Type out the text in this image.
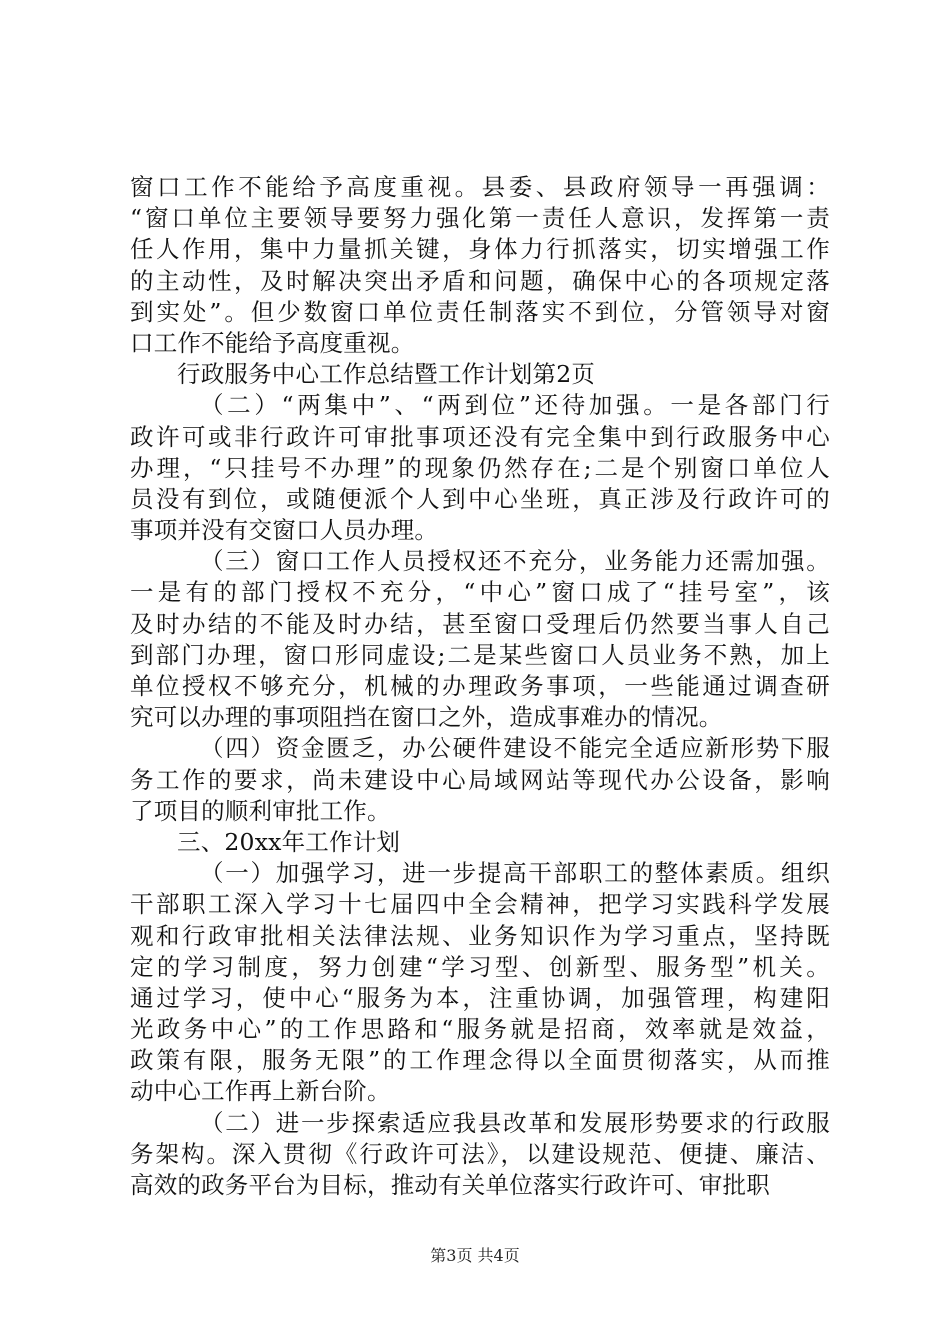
窗口工作不能给予高度重视。县委、县政府领导一再强调：
“窗口单位主要领导要努力强化第一责任人意识，发挥第一责
任人作用，集中力量抓关键，身体力行抓落实，切实增强工作
的主动性，及时解决突出矛盾和问题，确保中心的各项规定落
到实处”。但少数窗口单位责任制落实不到位，分管领导对窗
口工作不能给予高度重视。
行政服务中心工作总结暨工作计划第2页
（二）“两集中”、“两到位”还待加强。一是各部门行
政许可或非行政许可审批事项还没有完全集中到行政服务中心
办理，“只挂号不办理”的现象仍然存在;二是个别窗口单位人
员没有到位，或随便派个人到中心坐班，真正涉及行政许可的
事项并没有交窗口人员办理。
（三）窗口工作人员授权还不充分，业务能力还需加强。
一是有的部门授权不充分，“中心”窗口成了“挂号室”，该
及时办结的不能及时办结，甚至窗口受理后仍然要当事人自己
到部门办理，窗口形同虚设;二是某些窗口人员业务不熟，加上
单位授权不够充分，机械的办理政务事项，一些能通过调查研
究可以办理的事项阻挡在窗口之外，造成事难办的情况。
（四）资金匮乏，办公硬件建设不能完全适应新形势下服
务工作的要求，尚未建设中心局域网站等现代办公设备，影响
了项目的顺利审批工作。
三、20xx年工作计划
（一）加强学习，进一步提高干部职工的整体素质。组织
干部职工深入学习十七届四中全会精神，把学习实践科学发展
观和行政审批相关法律法规、业务知识作为学习重点，坚持既
定的学习制度，努力创建“学习型、创新型、服务型”机关。
通过学习，使中心“服务为本，注重协调，加强管理，构建阳
光政务中心”的工作思路和“服务就是招商，效率就是效益，
政策有限，服务无限”的工作理念得以全面贯彻落实，从而推
动中心工作再上新台阶。
（二）进一步探索适应我县改革和发展形势要求的行政服
务架构。深入贯彻《行政许可法》，以建设规范、便捷、廉洁、
高效的政务平台为目标，推动有关单位落实行政许可、审批职
第3页 共4页
